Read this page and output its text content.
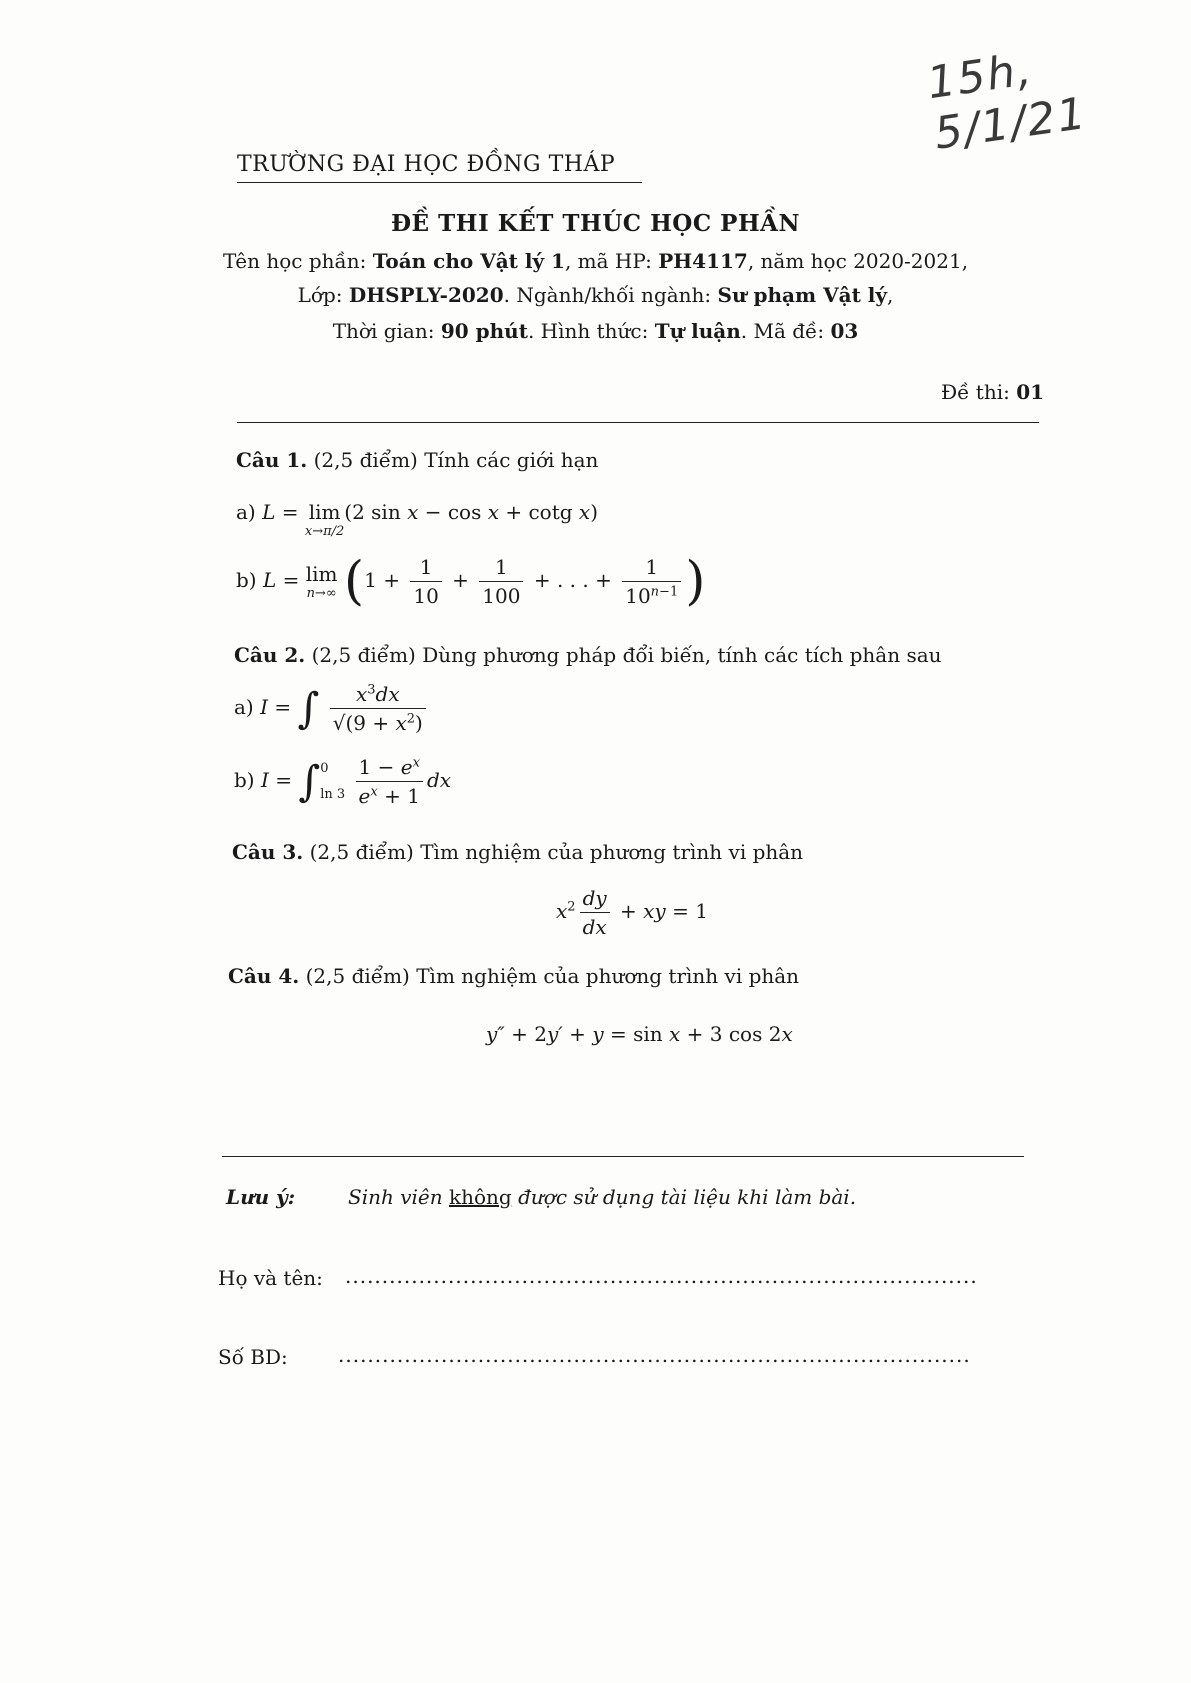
15h, 5/1/21
TRƯỜNG ĐẠI HỌC ĐỒNG THÁP
ĐỀ THI KẾT THÚC HỌC PHẦN
Tên học phần: Toán cho Vật lý 1, mã HP: PH4117, năm học 2020-2021,
Lớp: DHSPLY-2020. Ngành/khối ngành: Sư phạm Vật lý,
Thời gian: 90 phút. Hình thức: Tự luận. Mã đề: 03
Đề thi: 01
Câu 1. (2,5 điểm) Tính các giới hạn
a) L = lim
x→π/2
(2 sin x − cos x + cotg x)
b) L = lim
n→∞ ($1 + \frac{1}{10} + \frac{1}{100}$ + . . . + $\frac{1}{10^{n-1}}$ )
Câu 2. (2,5 điểm) Dùng phương pháp đổi biến, tính các tích phân sau
a) I = ∫ $\frac{x^3dx}{√(9 + x^2)}$
b) I = ∫ 0
ln 3
$\frac{1 - e^x}{e^x + 1}$ dx
Câu 3. (2,5 điểm) Tìm nghiệm của phương trình vi phân
$x^2 \frac{dy}{dx}$ + xy = 1
Câu 4. (2,5 điểm) Tìm nghiệm của phương trình vi phân
y″ + 2y′ + y = sin x + 3 cos 2x
Lưu ý:	Sinh viên không được sử dụng tài liệu khi làm bài.
Họ và tên: ......................................................................................
Số BD:	......................................................................................
